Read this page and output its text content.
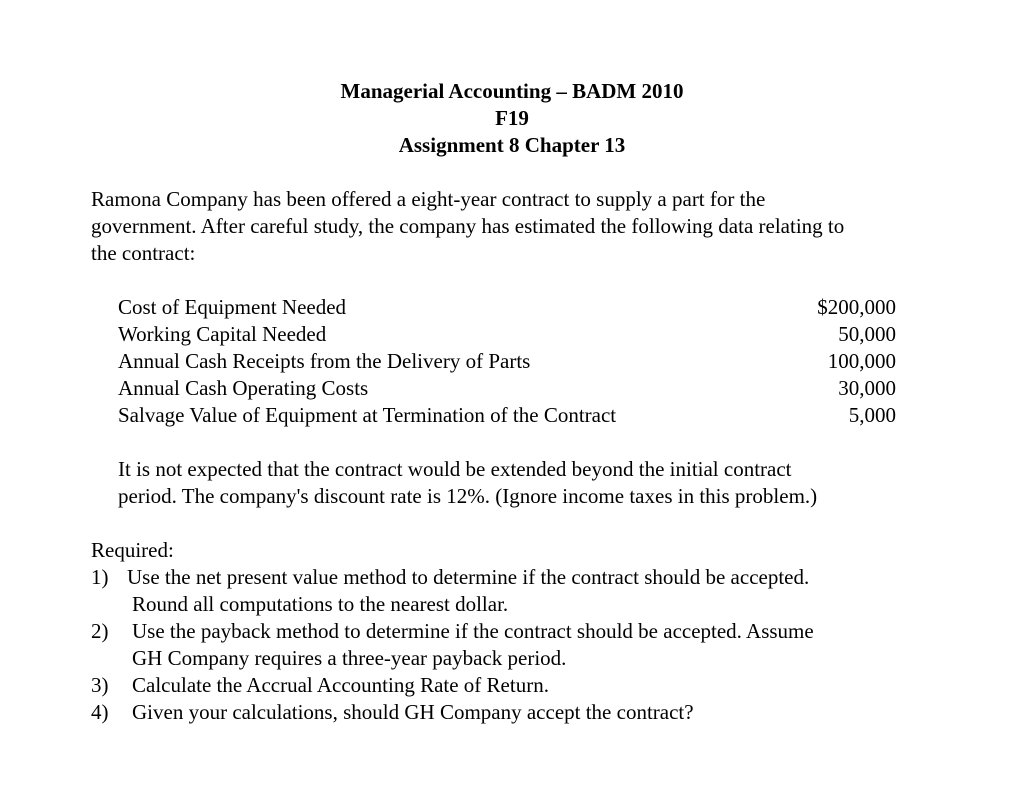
Managerial Accounting – BADM 2010
F19
Assignment 8 Chapter 13
Ramona Company has been offered a eight-year contract to supply a part for the
government. After careful study, the company has estimated the following data relating to
the contract:
Cost of Equipment Needed	$200,000
Working Capital Needed	50,000
Annual Cash Receipts from the Delivery of Parts	100,000
Annual Cash Operating Costs	30,000
Salvage Value of Equipment at Termination of the Contract	5,000
It is not expected that the contract would be extended beyond the initial contract
period. The company's discount rate is 12%. (Ignore income taxes in this problem.)
Required:
1) Use the net present value method to determine if the contract should be accepted.
Round all computations to the nearest dollar.
2) Use the payback method to determine if the contract should be accepted. Assume
GH Company requires a three-year payback period.
3) Calculate the Accrual Accounting Rate of Return.
4) Given your calculations, should GH Company accept the contract?
